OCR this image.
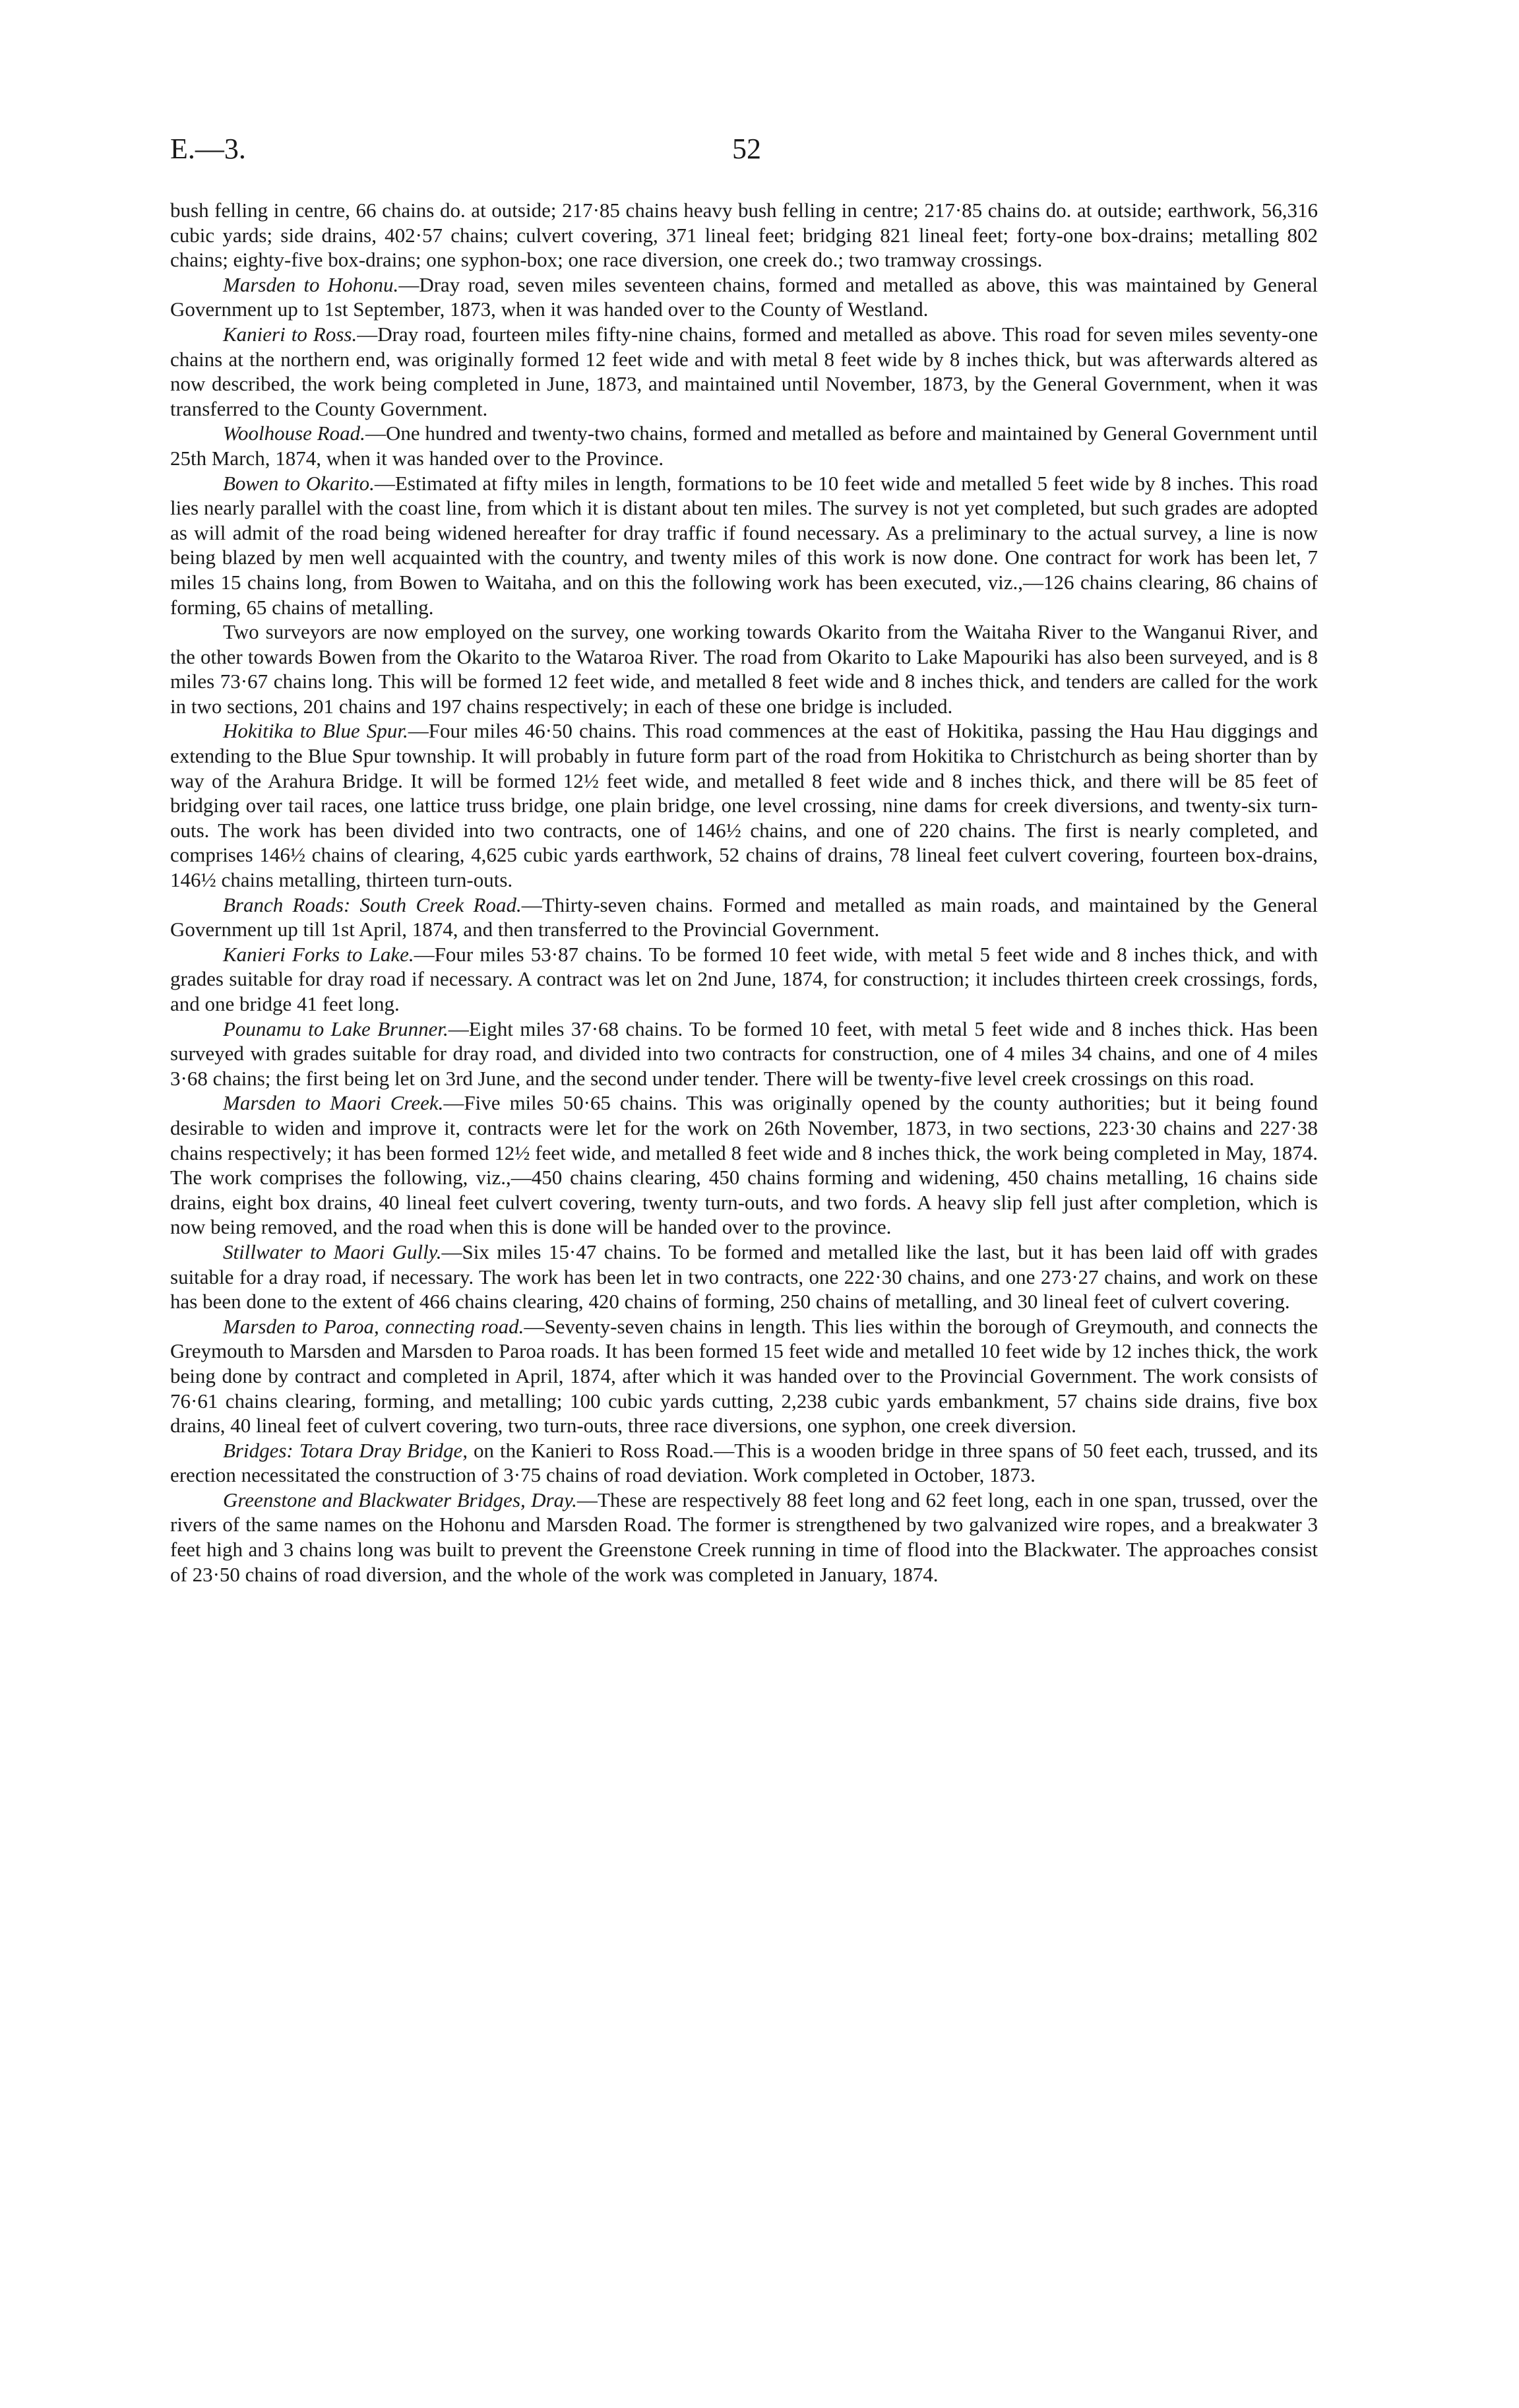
E.—3.	52

bush felling in centre, 66 chains do. at outside; 217·85 chains heavy bush felling in centre; 217·85 chains do. at outside; earthwork, 56,316 cubic yards; side drains, 402·57 chains; culvert covering, 371 lineal feet; bridging 821 lineal feet; forty-one box-drains; metalling 802 chains; eighty-five box-drains; one syphon-box; one race diversion, one creek do.; two tramway crossings.

Marsden to Hohonu.—Dray road, seven miles seventeen chains, formed and metalled as above, this was maintained by General Government up to 1st September, 1873, when it was handed over to the County of Westland.

Kanieri to Ross.—Dray road, fourteen miles fifty-nine chains, formed and metalled as above. This road for seven miles seventy-one chains at the northern end, was originally formed 12 feet wide and with metal 8 feet wide by 8 inches thick, but was afterwards altered as now described, the work being completed in June, 1873, and maintained until November, 1873, by the General Government, when it was transferred to the County Government.

Woolhouse Road.—One hundred and twenty-two chains, formed and metalled as before and maintained by General Government until 25th March, 1874, when it was handed over to the Province.

Bowen to Okarito.—Estimated at fifty miles in length, formations to be 10 feet wide and metalled 5 feet wide by 8 inches. This road lies nearly parallel with the coast line, from which it is distant about ten miles. The survey is not yet completed, but such grades are adopted as will admit of the road being widened hereafter for dray traffic if found necessary. As a preliminary to the actual survey, a line is now being blazed by men well acquainted with the country, and twenty miles of this work is now done. One contract for work has been let, 7 miles 15 chains long, from Bowen to Waitaha, and on this the following work has been executed, viz.,—126 chains clearing, 86 chains of forming, 65 chains of metalling.

Two surveyors are now employed on the survey, one working towards Okarito from the Waitaha River to the Wanganui River, and the other towards Bowen from the Okarito to the Wataroa River. The road from Okarito to Lake Mapouriki has also been surveyed, and is 8 miles 73·67 chains long. This will be formed 12 feet wide, and metalled 8 feet wide and 8 inches thick, and tenders are called for the work in two sections, 201 chains and 197 chains respectively; in each of these one bridge is included.

Hokitika to Blue Spur.—Four miles 46·50 chains. This road commences at the east of Hokitika, passing the Hau Hau diggings and extending to the Blue Spur township. It will probably in future form part of the road from Hokitika to Christchurch as being shorter than by way of the Arahura Bridge. It will be formed 12½ feet wide, and metalled 8 feet wide and 8 inches thick, and there will be 85 feet of bridging over tail races, one lattice truss bridge, one plain bridge, one level crossing, nine dams for creek diversions, and twenty-six turn-outs. The work has been divided into two contracts, one of 146½ chains, and one of 220 chains. The first is nearly completed, and comprises 146½ chains of clearing, 4,625 cubic yards earthwork, 52 chains of drains, 78 lineal feet culvert covering, fourteen box-drains, 146½ chains metalling, thirteen turn-outs.

Branch Roads: South Creek Road.—Thirty-seven chains. Formed and metalled as main roads, and maintained by the General Government up till 1st April, 1874, and then transferred to the Provincial Government.

Kanieri Forks to Lake.—Four miles 53·87 chains. To be formed 10 feet wide, with metal 5 feet wide and 8 inches thick, and with grades suitable for dray road if necessary. A contract was let on 2nd June, 1874, for construction; it includes thirteen creek crossings, fords, and one bridge 41 feet long.

Pounamu to Lake Brunner.—Eight miles 37·68 chains. To be formed 10 feet, with metal 5 feet wide and 8 inches thick. Has been surveyed with grades suitable for dray road, and divided into two contracts for construction, one of 4 miles 34 chains, and one of 4 miles 3·68 chains; the first being let on 3rd June, and the second under tender. There will be twenty-five level creek crossings on this road.

Marsden to Maori Creek.—Five miles 50·65 chains. This was originally opened by the county authorities; but it being found desirable to widen and improve it, contracts were let for the work on 26th November, 1873, in two sections, 223·30 chains and 227·38 chains respectively; it has been formed 12½ feet wide, and metalled 8 feet wide and 8 inches thick, the work being completed in May, 1874. The work comprises the following, viz.,—450 chains clearing, 450 chains forming and widening, 450 chains metalling, 16 chains side drains, eight box drains, 40 lineal feet culvert covering, twenty turn-outs, and two fords. A heavy slip fell just after completion, which is now being removed, and the road when this is done will be handed over to the province.

Stillwater to Maori Gully.—Six miles 15·47 chains. To be formed and metalled like the last, but it has been laid off with grades suitable for a dray road, if necessary. The work has been let in two contracts, one 222·30 chains, and one 273·27 chains, and work on these has been done to the extent of 466 chains clearing, 420 chains of forming, 250 chains of metalling, and 30 lineal feet of culvert covering.

Marsden to Paroa, connecting road.—Seventy-seven chains in length. This lies within the borough of Greymouth, and connects the Greymouth to Marsden and Marsden to Paroa roads. It has been formed 15 feet wide and metalled 10 feet wide by 12 inches thick, the work being done by contract and completed in April, 1874, after which it was handed over to the Provincial Government. The work consists of 76·61 chains clearing, forming, and metalling; 100 cubic yards cutting, 2,238 cubic yards embankment, 57 chains side drains, five box drains, 40 lineal feet of culvert covering, two turn-outs, three race diversions, one syphon, one creek diversion.

Bridges: Totara Dray Bridge, on the Kanieri to Ross Road.—This is a wooden bridge in three spans of 50 feet each, trussed, and its erection necessitated the construction of 3·75 chains of road deviation. Work completed in October, 1873.

Greenstone and Blackwater Bridges, Dray.—These are respectively 88 feet long and 62 feet long, each in one span, trussed, over the rivers of the same names on the Hohonu and Marsden Road. The former is strengthened by two galvanized wire ropes, and a breakwater 3 feet high and 3 chains long was built to prevent the Greenstone Creek running in time of flood into the Blackwater. The approaches consist of 23·50 chains of road diversion, and the whole of the work was completed in January, 1874.
